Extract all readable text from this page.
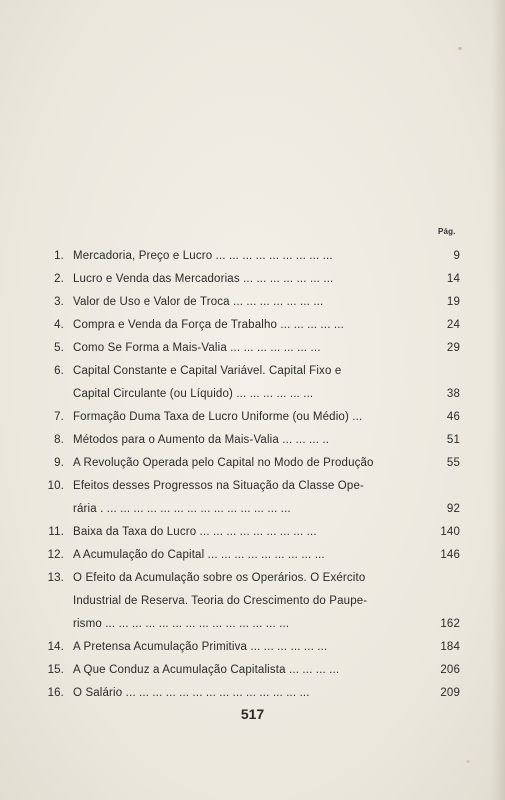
Pág.
1. Mercadoria, Preço e Lucro ... ... ... ... ... ... ... ... ...	9
2. Lucro e Venda das Mercadorias ... ... ... ... ... ... ...	14
3. Valor de Uso e Valor de Troca ... ... ... ... ... ... ...	19
4. Compra e Venda da Força de Trabalho ... ... ... ... ...	24
5. Como Se Forma a Mais-Valia ... ... ... ... ... ... ...	29
6. Capital Constante e Capital Variável. Capital Fixo e
Capital Circulante (ou Líquido) ... ... ... ... ... ...	38
7. Formação Duma Taxa de Lucro Uniforme (ou Médio) ...	46
8. Métodos para o Aumento da Mais-Valia ... ... ... ..	51
9. A Revolução Operada pelo Capital no Modo de Produção	55
10. Efeitos desses Progressos na Situação da Classe Ope-
rária . ... ... ... ... ... ... ... ... ... ... ... ... ... ...	92
11. Baixa da Taxa do Lucro ... ... ... ... ... ... ... ... ...	140
12. A Acumulação do Capital ... ... ... ... ... ... ... ... ...	146
13. O Efeito da Acumulação sobre os Operários. O Exército
Industrial de Reserva. Teoria do Crescimento do Paupe-
rismo ... ... ... ... ... ... ... ... ... ... ... ... ... ...	162
14. A Pretensa Acumulação Primitiva ... ... ... ... ... ...	184
15. A Que Conduz a Acumulação Capitalista ... ... ... ...	206
16. O Salário ... ... ... ... ... ... ... ... ... ... ... ... ... ...	209
517
